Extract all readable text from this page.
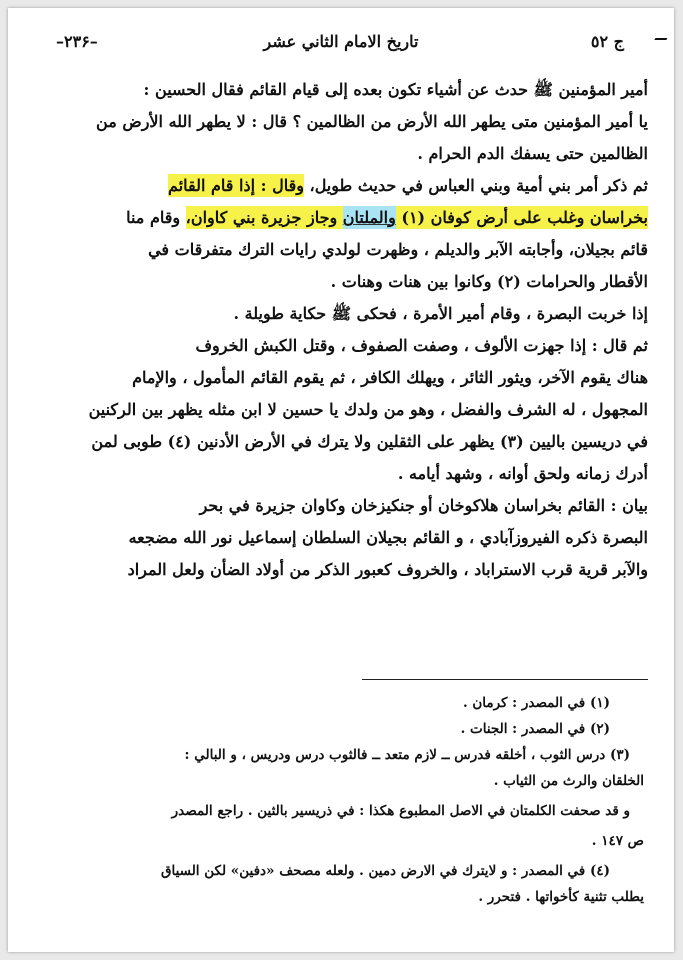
–۲۳۶–	تاريخ الامام الثاني عشر	ج ٥٢

أمير المؤمنين ﷺ حدث عن أشياء تكون بعده إلى قيام القائم فقال الحسين :

يا أمير المؤمنين متى يطهر الله الأرض من الظالمين ؟ قال : لا يطهر الله الأرض من

الظالمين حتى يسفك الدم الحرام .

ثم ذكر أمر بني أمية وبني العباس في حديث طويل، وقال : إذا قام القائم

بخراسان وغلب على أرض كوفان (١) والملتان وجاز جزيرة بني كاوان، وقام منا

قائم بجيلان، وأجابته الآبر والديلم ، وظهرت لولدي رايات الترك متفرقات في

الأقطار والحرامات (٢) وكانوا بين هنات وهنات .

إذا خربت البصرة ، وقام أمير الأمرة ، فحكى ﷺ حكاية طويلة .

ثم قال : إذا جهزت الألوف ، وصفت الصفوف ، وقتل الكبش الخروف

هناك يقوم الآخر، ويثور الثائر ، ويهلك الكافر ، ثم يقوم القائم المأمول ، والإمام

المجهول ، له الشرف والفضل ، وهو من ولدك يا حسين لا ابن مثله يظهر بين الركنين

في دريسين باليين (٣) يظهر على الثقلين ولا يترك في الأرض الأدنين (٤) طوبى لمن

أدرك زمانه ولحق أوانه ، وشهد أيامه .

بيان : القائم بخراسان هلاكوخان أو جنكيزخان وكاوان جزيرة في بحر

البصرة ذكره الفيروزآبادي ، و القائم بجيلان السلطان إسماعيل نور الله مضجعه

والآبر قرية قرب الاستراباد ، والخروف كعبور الذكر من أولاد الضأن ولعل المراد

(١) في المصدر : كرمان .

(٢) في المصدر : الجنات .

(٣) درس الثوب ، أخلقه فدرس ــ لازم متعد ــ فالثوب درس ودريس ، و البالي :

الخلقان والرث من الثياب .

و قد صحفت الكلمتان في الاصل المطبوع هكذا : في ذريسير بالثين . راجع المصدر

ص ١٤٧ .

(٤) في المصدر : و لايترك في الارض دمين . ولعله مصحف «دفين» لكن السياق

يطلب تثنية كأخواتها . فتحرر .
